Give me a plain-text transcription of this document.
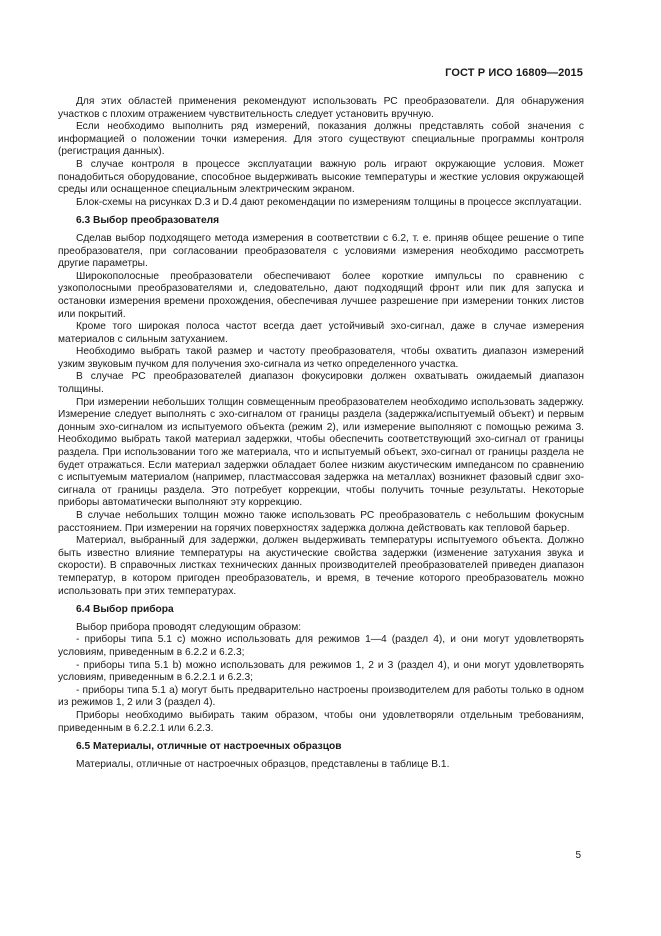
ГОСТ Р ИСО 16809—2015
Для этих областей применения рекомендуют использовать РС преобразователи. Для обнаружения участков с плохим отражением чувствительность следует установить вручную.
Если необходимо выполнить ряд измерений, показания должны представлять собой значения с информацией о положении точки измерения. Для этого существуют специальные программы контроля (регистрация данных).
В случае контроля в процессе эксплуатации важную роль играют окружающие условия. Может понадобиться оборудование, способное выдерживать высокие температуры и жесткие условия окружающей среды или оснащенное специальным электрическим экраном.
Блок-схемы на рисунках D.3 и D.4 дают рекомендации по измерениям толщины в процессе эксплуатации.
6.3 Выбор преобразователя
Сделав выбор подходящего метода измерения в соответствии с 6.2, т. е. приняв общее решение о типе преобразователя, при согласовании преобразователя с условиями измерения необходимо рассмотреть другие параметры.
Широкополосные преобразователи обеспечивают более короткие импульсы по сравнению с узкополосными преобразователями и, следовательно, дают подходящий фронт или пик для запуска и остановки измерения времени прохождения, обеспечивая лучшее разрешение при измерении тонких листов или покрытий.
Кроме того широкая полоса частот всегда дает устойчивый эхо-сигнал, даже в случае измерения материалов с сильным затуханием.
Необходимо выбрать такой размер и частоту преобразователя, чтобы охватить диапазон измерений узким звуковым пучком для получения эхо-сигнала из четко определенного участка.
В случае РС преобразователей диапазон фокусировки должен охватывать ожидаемый диапазон толщины.
При измерении небольших толщин совмещенным преобразователем необходимо использовать задержку. Измерение следует выполнять с эхо-сигналом от границы раздела (задержка/испытуемый объект) и первым донным эхо-сигналом из испытуемого объекта (режим 2), или измерение выполняют с помощью режима 3. Необходимо выбрать такой материал задержки, чтобы обеспечить соответствующий эхо-сигнал от границы раздела. При использовании того же материала, что и испытуемый объект, эхо-сигнал от границы раздела не будет отражаться. Если материал задержки обладает более низким акустическим импедансом по сравнению с испытуемым материалом (например, пластмассовая задержка на металлах) возникнет фазовый сдвиг эхо-сигнала от границы раздела. Это потребует коррекции, чтобы получить точные результаты. Некоторые приборы автоматически выполняют эту коррекцию.
В случае небольших толщин можно также использовать РС преобразователь с небольшим фокусным расстоянием. При измерении на горячих поверхностях задержка должна действовать как тепловой барьер.
Материал, выбранный для задержки, должен выдерживать температуры испытуемого объекта. Должно быть известно влияние температуры на акустические свойства задержки (изменение затухания звука и скорости). В справочных листках технических данных производителей преобразователей приведен диапазон температур, в котором пригоден преобразователь, и время, в течение которого преобразователь можно использовать при этих температурах.
6.4 Выбор прибора
Выбор прибора проводят следующим образом:
- приборы типа 5.1 с) можно использовать для режимов 1—4 (раздел 4), и они могут удовлетворять условиям, приведенным в 6.2.2 и 6.2.3;
- приборы типа 5.1 b) можно использовать для режимов 1, 2 и 3 (раздел 4), и они могут удовлетворять условиям, приведенным в 6.2.2.1 и 6.2.3;
- приборы типа 5.1 а) могут быть предварительно настроены производителем для работы только в одном из режимов 1, 2 или 3 (раздел 4).
Приборы необходимо выбирать таким образом, чтобы они удовлетворяли отдельным требованиям, приведенным в 6.2.2.1 или 6.2.3.
6.5 Материалы, отличные от настроечных образцов
Материалы, отличные от настроечных образцов, представлены в таблице B.1.
5
